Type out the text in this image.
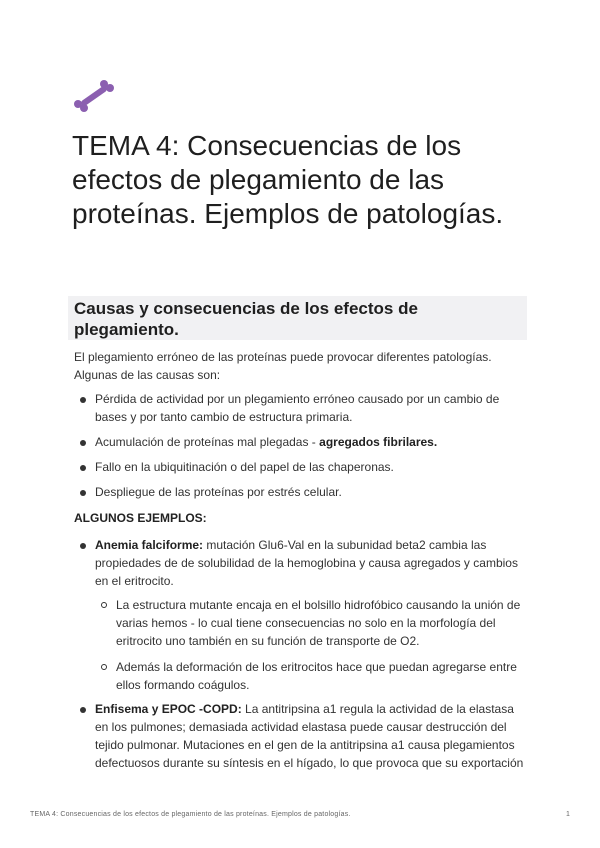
TEMA 4: Consecuencias de los efectos de plegamiento de las proteínas. Ejemplos de patologías.
Causas y consecuencias de los efectos de plegamiento.

El plegamiento erróneo de las proteínas puede provocar diferentes patologías. Algunas de las causas son:

Pérdida de actividad por un plegamiento erróneo causado por un cambio de bases y por tanto cambio de estructura primaria.

Acumulación de proteínas mal plegadas - agregados fibrilares.

Fallo en la ubiquitinación o del papel de las chaperonas.

Despliegue de las proteínas por estrés celular.

ALGUNOS EJEMPLOS:

Anemia falciforme: mutación Glu6-Val en la subunidad beta2 cambia las propiedades de de solubilidad de la hemoglobina y causa agregados y cambios en el eritrocito.

La estructura mutante encaja en el bolsillo hidrofóbico causando la unión de varias hemos - lo cual tiene consecuencias no solo en la morfología del eritrocito uno también en su función de transporte de O2.

Además la deformación de los eritrocitos hace que puedan agregarse entre ellos formando coágulos.

Enfisema y EPOC -COPD: La antitripsina a1 regula la actividad de la elastasa en los pulmones; demasiada actividad elastasa puede causar destrucción del tejido pulmonar. Mutaciones en el gen de la antitripsina a1 causa plegamientos defectuosos durante su síntesis en el hígado, lo que provoca que su exportación

TEMA 4: Consecuencias de los efectos de plegamiento de las proteínas. Ejemplos de patologías.	1
